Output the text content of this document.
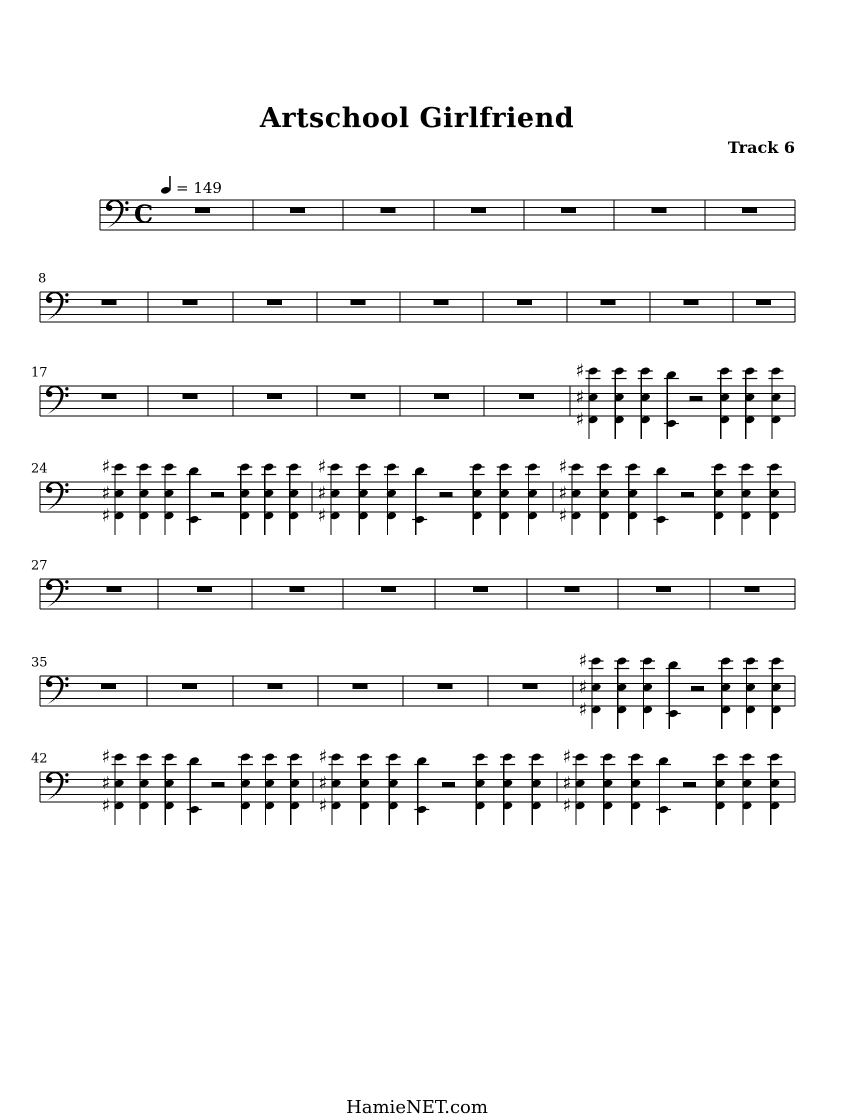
Artschool Girlfriend
Track 6
= 149
C
8
17	♯
♯
♯
24	♯
♯
♯
♯
♯
♯
♯
♯
♯
27
35	♯
♯
♯
42	♯
♯
♯
♯
♯
♯
♯
♯
♯
HamieNET.com
